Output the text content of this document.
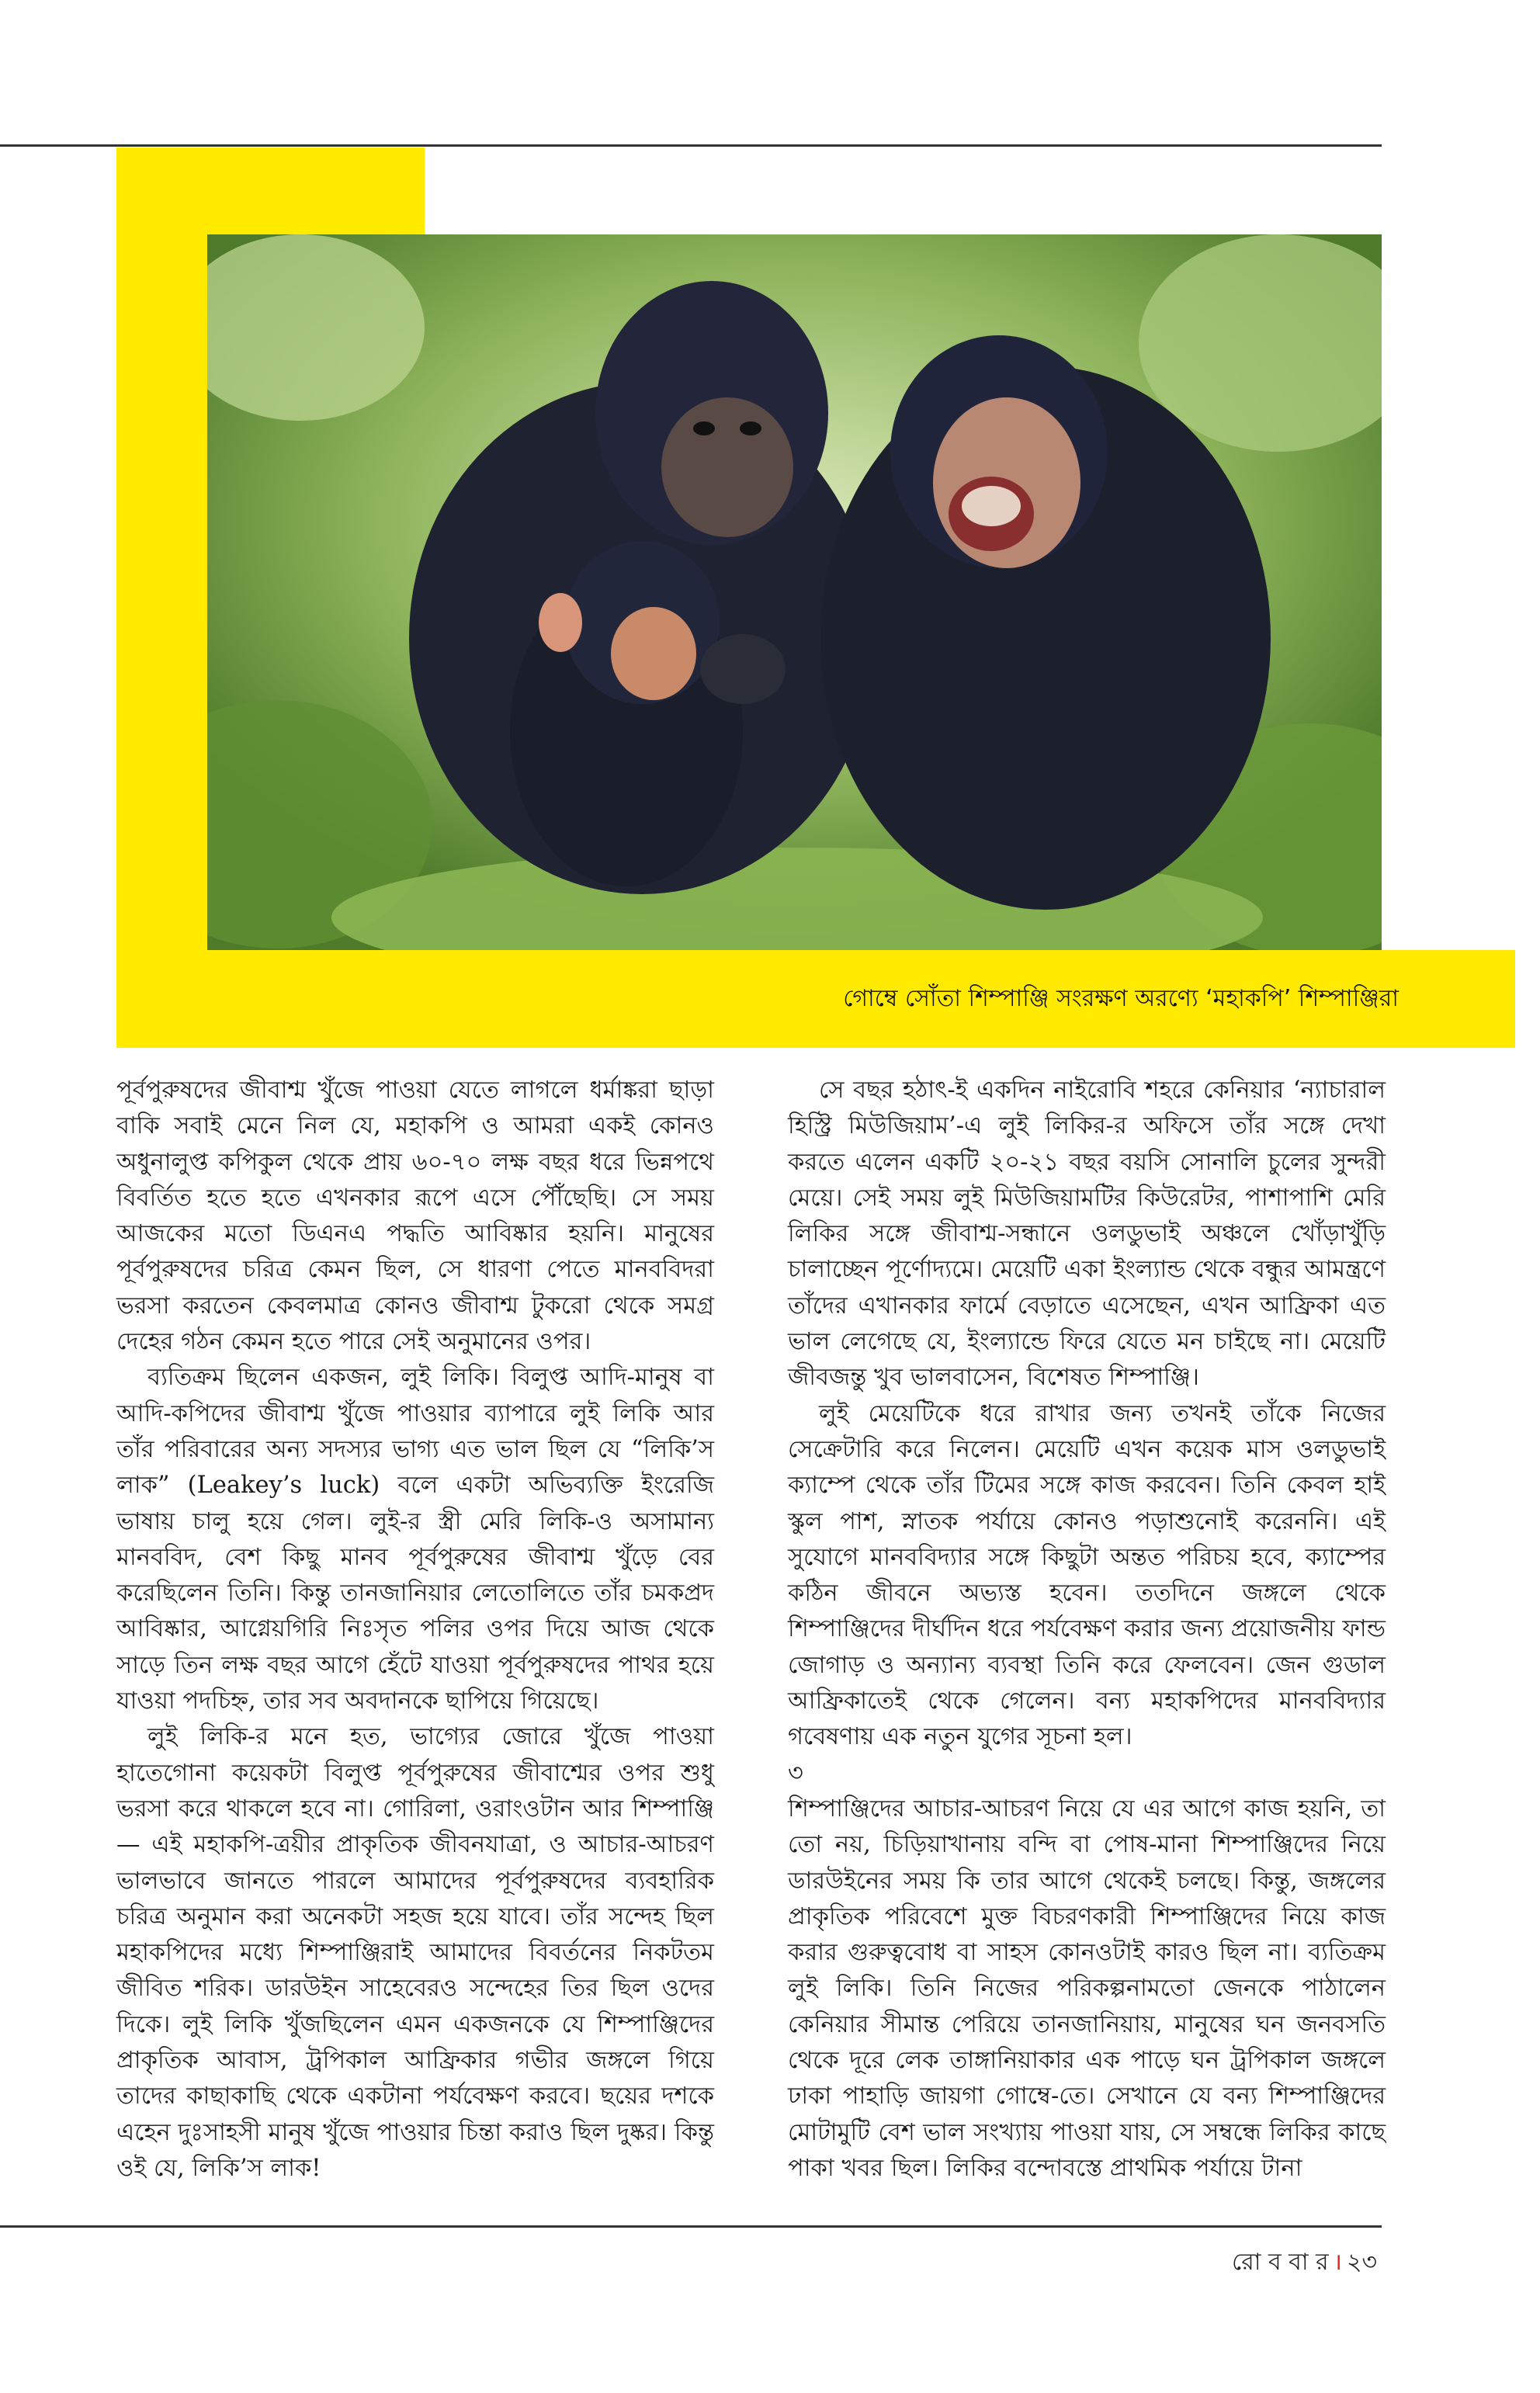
গোম্বে সোঁতা শিম্পাঞ্জি সংরক্ষণ অরণ্যে ‘মহাকপি’ শিম্পাঞ্জিরা

পূর্বপুরুষদের জীবাশ্ম খুঁজে পাওয়া যেতে লাগলে ধর্মাঙ্করা ছাড়া বাকি সবাই মেনে নিল যে, মহাকপি ও আমরা একই কোনও অধুনালুপ্ত কপিকুল থেকে প্রায় ৬০-৭০ লক্ষ বছর ধরে ভিন্নপথে বিবর্তিত হতে হতে এখনকার রূপে এসে পৌঁছেছি। সে সময় আজকের মতো ডিএনএ পদ্ধতি আবিষ্কার হয়নি। মানুষের পূর্বপুরুষদের চরিত্র কেমন ছিল, সে ধারণা পেতে মানববিদরা ভরসা করতেন কেবলমাত্র কোনও জীবাশ্ম টুকরো থেকে সমগ্র দেহের গঠন কেমন হতে পারে সেই অনুমানের ওপর।

ব্যতিক্রম ছিলেন একজন, লুই লিকি। বিলুপ্ত আদি-মানুষ বা আদি-কপিদের জীবাশ্ম খুঁজে পাওয়ার ব্যাপারে লুই লিকি আর তাঁর পরিবারের অন্য সদস্যর ভাগ্য এত ভাল ছিল যে “লিকি’স লাক” (Leakey’s luck) বলে একটা অভিব্যক্তি ইংরেজি ভাষায় চালু হয়ে গেল। লুই-র স্ত্রী মেরি লিকি-ও অসামান্য মানববিদ, বেশ কিছু মানব পূর্বপুরুষের জীবাশ্ম খুঁড়ে বের করেছিলেন তিনি। কিন্তু তানজানিয়ার লেতোলিতে তাঁর চমকপ্রদ আবিষ্কার, আগ্নেয়গিরি নিঃসৃত পলির ওপর দিয়ে আজ থেকে সাড়ে তিন লক্ষ বছর আগে হেঁটে যাওয়া পূর্বপুরুষদের পাথর হয়ে যাওয়া পদচিহ্ন, তার সব অবদানকে ছাপিয়ে গিয়েছে।

লুই লিকি-র মনে হত, ভাগ্যের জোরে খুঁজে পাওয়া হাতেগোনা কয়েকটা বিলুপ্ত পূর্বপুরুষের জীবাশ্মের ওপর শুধু ভরসা করে থাকলে হবে না। গোরিলা, ওরাংওটান আর শিম্পাঞ্জি— এই মহাকপি-ত্রয়ীর প্রাকৃতিক জীবনযাত্রা, ও আচার-আচরণ ভালভাবে জানতে পারলে আমাদের পূর্বপুরুষদের ব্যবহারিক চরিত্র অনুমান করা অনেকটা সহজ হয়ে যাবে। তাঁর সন্দেহ ছিল মহাকপিদের মধ্যে শিম্পাঞ্জিরাই আমাদের বিবর্তনের নিকটতম জীবিত শরিক। ডারউইন সাহেবেরও সন্দেহের তির ছিল ওদের দিকে। লুই লিকি খুঁজছিলেন এমন একজনকে যে শিম্পাঞ্জিদের প্রাকৃতিক আবাস, ট্রপিকাল আফ্রিকার গভীর জঙ্গলে গিয়ে তাদের কাছাকাছি থেকে একটানা পর্যবেক্ষণ করবে। ছয়ের দশকে এহেন দুঃসাহসী মানুষ খুঁজে পাওয়ার চিন্তা করাও ছিল দুষ্কর। কিন্তু ওই যে, লিকি’স লাক!

সে বছর হঠাৎ-ই একদিন নাইরোবি শহরে কেনিয়ার ‘ন্যাচারাল হিস্ট্রি মিউজিয়াম’-এ লুই লিকির-র অফিসে তাঁর সঙ্গে দেখা করতে এলেন একটি ২০-২১ বছর বয়সি সোনালি চুলের সুন্দরী মেয়ে। সেই সময় লুই মিউজিয়ামটির কিউরেটর, পাশাপাশি মেরি লিকির সঙ্গে জীবাশ্ম-সন্ধানে ওলডুভাই অঞ্চলে খোঁড়াখুঁড়ি চালাচ্ছেন পূর্ণোদ্যমে। মেয়েটি একা ইংল্যান্ড থেকে বন্ধুর আমন্ত্রণে তাঁদের এখানকার ফার্মে বেড়াতে এসেছেন, এখন আফ্রিকা এত ভাল লেগেছে যে, ইংল্যান্ডে ফিরে যেতে মন চাইছে না। মেয়েটি জীবজন্তু খুব ভালবাসেন, বিশেষত শিম্পাঞ্জি।

লুই মেয়েটিকে ধরে রাখার জন্য তখনই তাঁকে নিজের সেক্রেটারি করে নিলেন। মেয়েটি এখন কয়েক মাস ওলডুভাই ক্যাম্পে থেকে তাঁর টিমের সঙ্গে কাজ করবেন। তিনি কেবল হাই স্কুল পাশ, স্নাতক পর্যায়ে কোনও পড়াশুনোই করেননি। এই সুযোগে মানববিদ্যার সঙ্গে কিছুটা অন্তত পরিচয় হবে, ক্যাম্পের কঠিন জীবনে অভ্যস্ত হবেন। ততদিনে জঙ্গলে থেকে শিম্পাঞ্জিদের দীর্ঘদিন ধরে পর্যবেক্ষণ করার জন্য প্রয়োজনীয় ফান্ড জোগাড় ও অন্যান্য ব্যবস্থা তিনি করে ফেলবেন। জেন গুডাল আফ্রিকাতেই থেকে গেলেন। বন্য মহাকপিদের মানববিদ্যার গবেষণায় এক নতুন যুগের সূচনা হল।

৩

শিম্পাঞ্জিদের আচার-আচরণ নিয়ে যে এর আগে কাজ হয়নি, তা তো নয়, চিড়িয়াখানায় বন্দি বা পোষ-মানা শিম্পাঞ্জিদের নিয়ে ডারউইনের সময় কি তার আগে থেকেই চলছে। কিন্তু, জঙ্গলের প্রাকৃতিক পরিবেশে মুক্ত বিচরণকারী শিম্পাঞ্জিদের নিয়ে কাজ করার গুরুত্ববোধ বা সাহস কোনওটাই কারও ছিল না। ব্যতিক্রম লুই লিকি। তিনি নিজের পরিকল্পনামতো জেনকে পাঠালেন কেনিয়ার সীমান্ত পেরিয়ে তানজানিয়ায়, মানুষের ঘন জনবসতি থেকে দূরে লেক তাঙ্গানিয়াকার এক পাড়ে ঘন ট্রপিকাল জঙ্গলে ঢাকা পাহাড়ি জায়গা গোম্বে-তে। সেখানে যে বন্য শিম্পাঞ্জিদের মোটামুটি বেশ ভাল সংখ্যায় পাওয়া যায়, সে সম্বন্ধে লিকির কাছে পাকা খবর ছিল। লিকির বন্দোবস্তে প্রাথমিক পর্যায়ে টানা

রো ব বা র । ২৩
